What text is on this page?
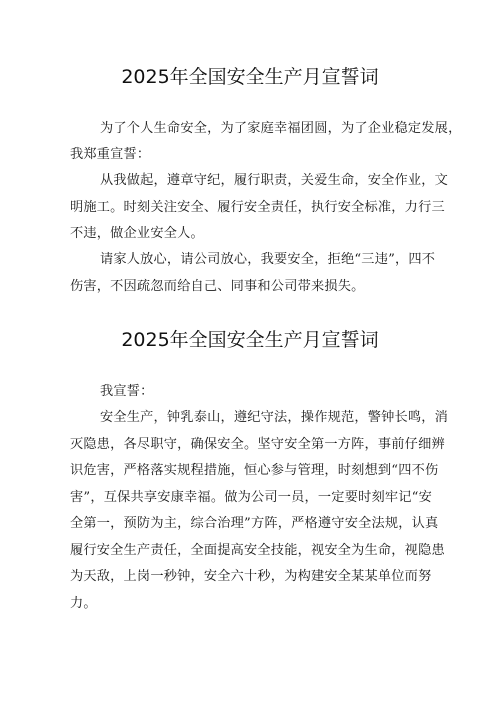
2025年全国安全生产月宣誓词
为了个人生命安全，为了家庭幸福团圆，为了企业稳定发展，
我郑重宣誓：
从我做起，遵章守纪，履行职责，关爱生命，安全作业，文
明施工。时刻关注安全、履行安全责任，执行安全标准，力行三
不违，做企业安全人。
请家人放心，请公司放心，我要安全，拒绝“三违”，四不
伤害，不因疏忽而给自己、同事和公司带来损失。
2025年全国安全生产月宣誓词
我宣誓：
安全生产，钟乳泰山，遵纪守法，操作规范，警钟长鸣，消
灭隐患，各尽职守，确保安全。坚守安全第一方阵，事前仔细辨
识危害，严格落实规程措施，恒心参与管理，时刻想到“四不伤
害”，互保共享安康幸福。做为公司一员，一定要时刻牢记“安
全第一，预防为主，综合治理”方阵，严格遵守安全法规，认真
履行安全生产责任，全面提高安全技能，视安全为生命，视隐患
为天敌，上岗一秒钟，安全六十秒，为构建安全某某单位而努
力。
